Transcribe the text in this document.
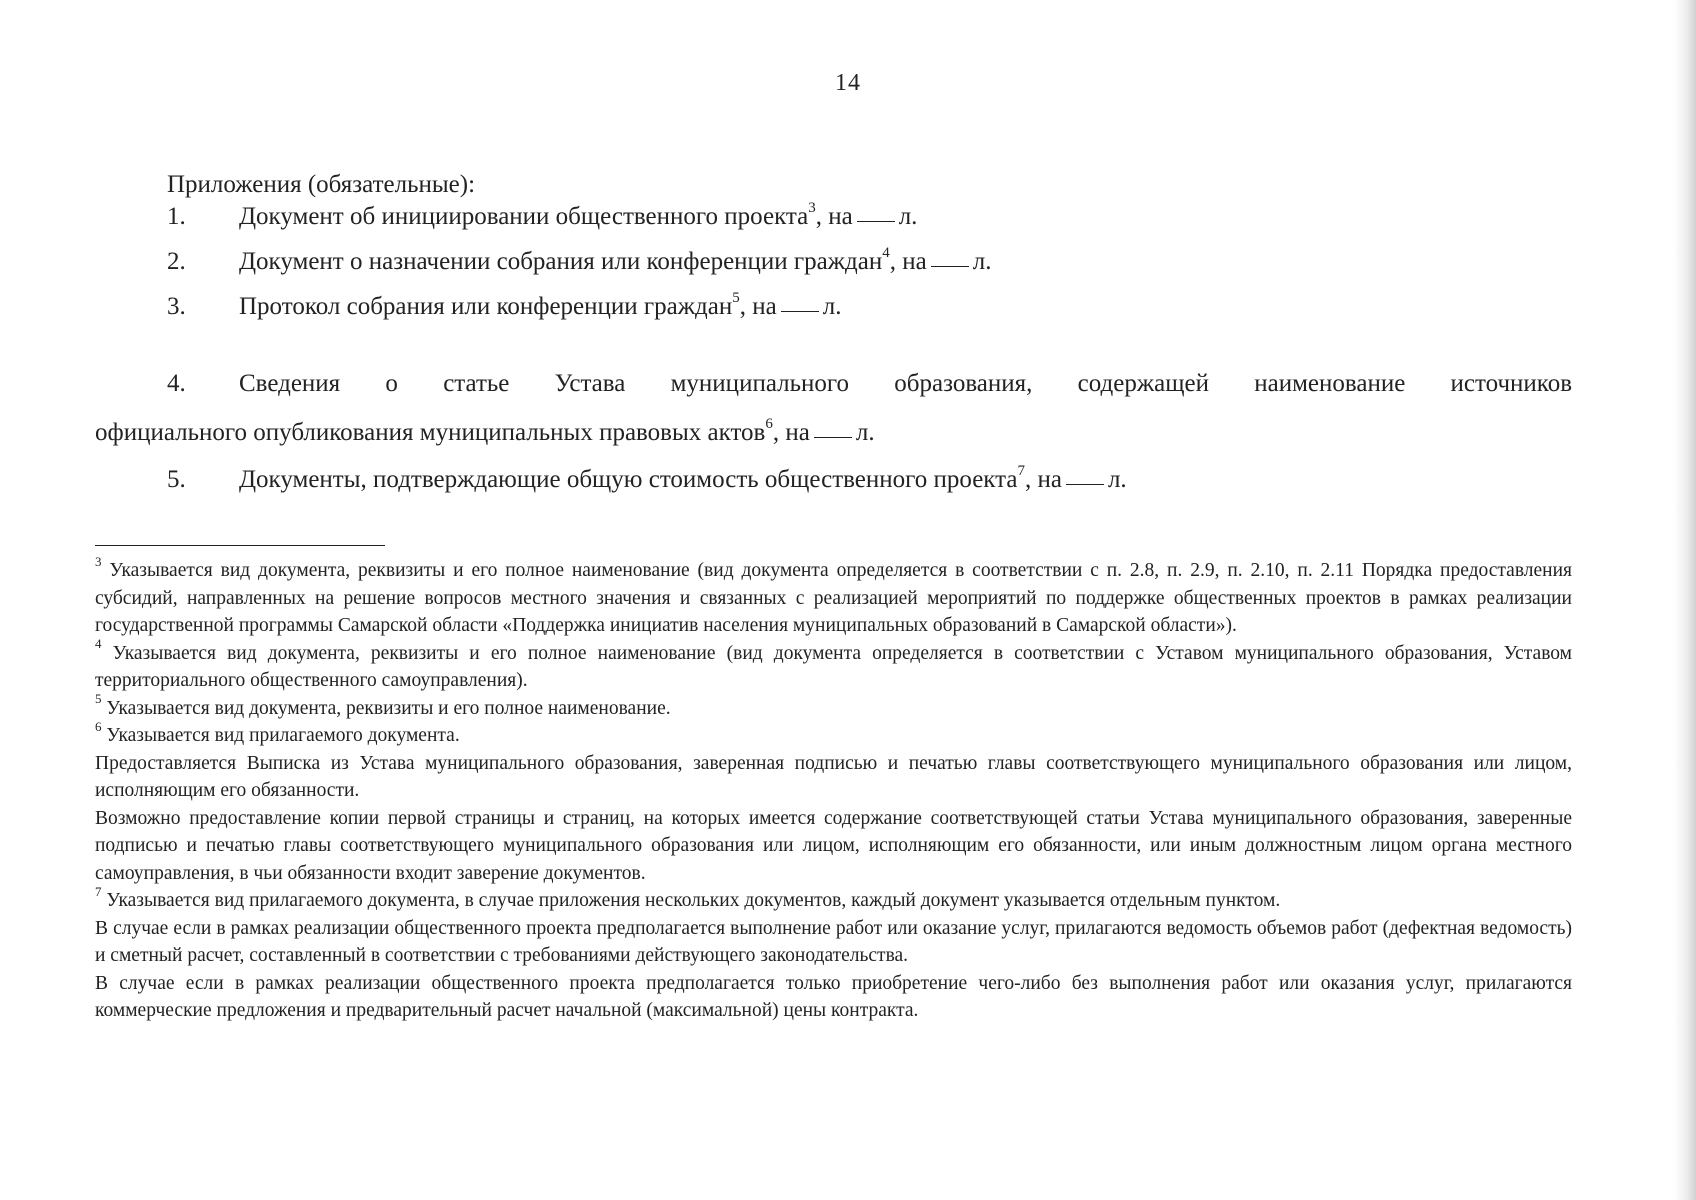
14
Приложения (обязательные):
1. Документ об инициировании общественного проекта$^3$, на л.
2. Документ о назначении собрания или конференции граждан$^4$, на л.
3. Протокол собрания или конференции граждан$^5$, на л.
4. Сведения о статье Устава муниципального образования, содержащей наименование источников
официального опубликования муниципальных правовых актов$^6$, на л.
5. Документы, подтверждающие общую стоимость общественного проекта$^7$, на л.

$^3$ Указывается вид документа, реквизиты и его полное наименование (вид документа определяется в соответствии с п. 2.8, п. 2.9, п. 2.10, п. 2.11 Порядка предоставления субсидий, направленных на решение вопросов местного значения и связанных с реализацией мероприятий по поддержке общественных проектов в рамках реализации государственной программы Самарской области «Поддержка инициатив населения муниципальных образований в Самарской области»).

$^4$ Указывается вид документа, реквизиты и его полное наименование (вид документа определяется в соответствии с Уставом муниципального образования, Уставом территориального общественного самоуправления).

$^5$ Указывается вид документа, реквизиты и его полное наименование.

$^6$ Указывается вид прилагаемого документа.

Предоставляется Выписка из Устава муниципального образования, заверенная подписью и печатью главы соответствующего муниципального образования или лицом, исполняющим его обязанности.

Возможно предоставление копии первой страницы и страниц, на которых имеется содержание соответствующей статьи Устава муниципального образования, заверенные подписью и печатью главы соответствующего муниципального образования или лицом, исполняющим его обязанности, или иным должностным лицом органа местного самоуправления, в чьи обязанности входит заверение документов.

$^7$ Указывается вид прилагаемого документа, в случае приложения нескольких документов, каждый документ указывается отдельным пунктом.

В случае если в рамках реализации общественного проекта предполагается выполнение работ или оказание услуг, прилагаются ведомость объемов работ (дефектная ведомость) и сметный расчет, составленный в соответствии с требованиями действующего законодательства.

В случае если в рамках реализации общественного проекта предполагается только приобретение чего-либо без выполнения работ или оказания услуг, прилагаются коммерческие предложения и предварительный расчет начальной (максимальной) цены контракта.
